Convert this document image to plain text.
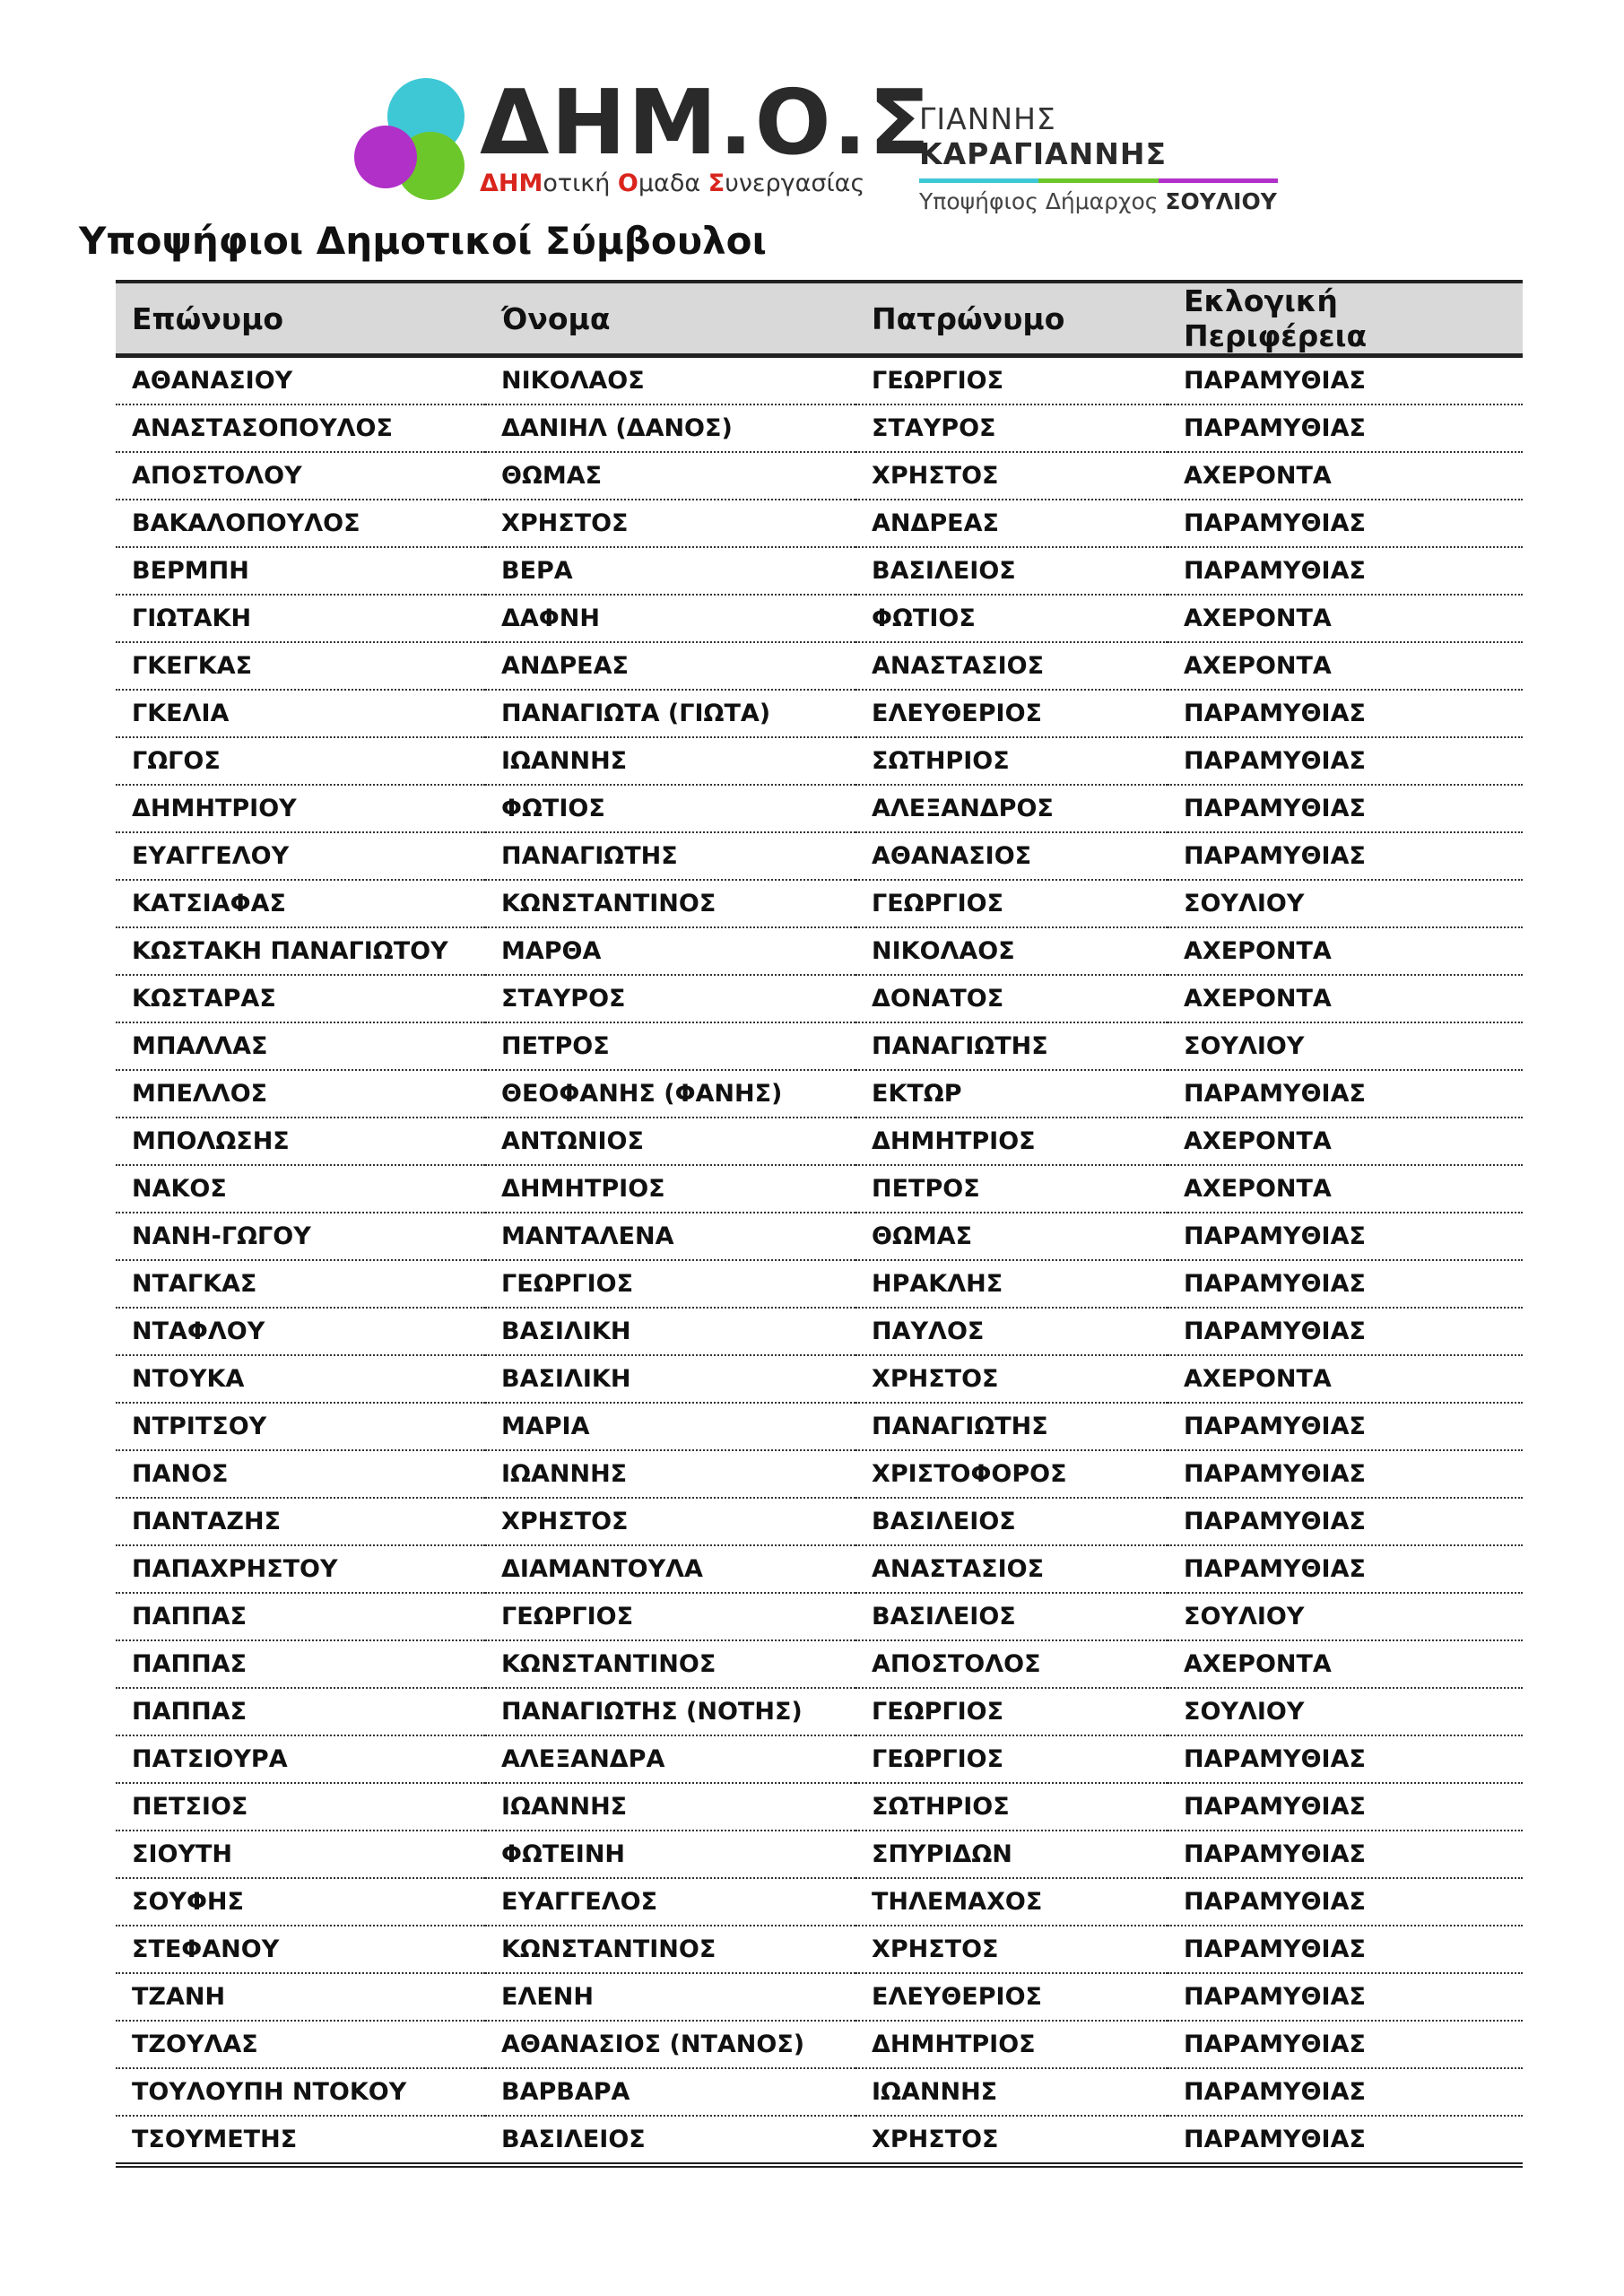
ΔΗΜ.Ο.Σ
ΔΗΜοτική Ομαδα Συνεργασίας
ΓΙΑΝΝΗΣ ΚΑΡΑΓΙΑΝΝΗΣ
Υποψήφιος Δήμαρχος ΣΟΥΛΙΟΥ
Υποψήφιοι Δημοτικοί Σύμβουλοι
Επώνυμο	Όνομα	Πατρώνυμο	Εκλογική Περιφέρεια
ΑΘΑΝΑΣΙΟΥ	ΝΙΚΟΛΑΟΣ	ΓΕΩΡΓΙΟΣ	ΠΑΡΑΜΥΘΙΑΣ
ΑΝΑΣΤΑΣΟΠΟΥΛΟΣ	ΔΑΝΙΗΛ (ΔΑΝΟΣ)	ΣΤΑΥΡΟΣ	ΠΑΡΑΜΥΘΙΑΣ
ΑΠΟΣΤΟΛΟΥ	ΘΩΜΑΣ	ΧΡΗΣΤΟΣ	ΑΧΕΡΟΝΤΑ
ΒΑΚΑΛΟΠΟΥΛΟΣ	ΧΡΗΣΤΟΣ	ΑΝΔΡΕΑΣ	ΠΑΡΑΜΥΘΙΑΣ
ΒΕΡΜΠΗ	ΒΕΡΑ	ΒΑΣΙΛΕΙΟΣ	ΠΑΡΑΜΥΘΙΑΣ
ΓΙΩΤΑΚΗ	ΔΑΦΝΗ	ΦΩΤΙΟΣ	ΑΧΕΡΟΝΤΑ
ΓΚΕΓΚΑΣ	ΑΝΔΡΕΑΣ	ΑΝΑΣΤΑΣΙΟΣ	ΑΧΕΡΟΝΤΑ
ΓΚΕΛΙΑ	ΠΑΝΑΓΙΩΤΑ (ΓΙΩΤΑ)	ΕΛΕΥΘΕΡΙΟΣ	ΠΑΡΑΜΥΘΙΑΣ
ΓΩΓΟΣ	ΙΩΑΝΝΗΣ	ΣΩΤΗΡΙΟΣ	ΠΑΡΑΜΥΘΙΑΣ
ΔΗΜΗΤΡΙΟΥ	ΦΩΤΙΟΣ	ΑΛΕΞΑΝΔΡΟΣ	ΠΑΡΑΜΥΘΙΑΣ
ΕΥΑΓΓΕΛΟΥ	ΠΑΝΑΓΙΩΤΗΣ	ΑΘΑΝΑΣΙΟΣ	ΠΑΡΑΜΥΘΙΑΣ
ΚΑΤΣΙΑΦΑΣ	ΚΩΝΣΤΑΝΤΙΝΟΣ	ΓΕΩΡΓΙΟΣ	ΣΟΥΛΙΟΥ
ΚΩΣΤΑΚΗ ΠΑΝΑΓΙΩΤΟΥ	ΜΑΡΘΑ	ΝΙΚΟΛΑΟΣ	ΑΧΕΡΟΝΤΑ
ΚΩΣΤΑΡΑΣ	ΣΤΑΥΡΟΣ	ΔΟΝΑΤΟΣ	ΑΧΕΡΟΝΤΑ
ΜΠΑΛΛΑΣ	ΠΕΤΡΟΣ	ΠΑΝΑΓΙΩΤΗΣ	ΣΟΥΛΙΟΥ
ΜΠΕΛΛΟΣ	ΘΕΟΦΑΝΗΣ (ΦΑΝΗΣ)	ΕΚΤΩΡ	ΠΑΡΑΜΥΘΙΑΣ
ΜΠΟΛΩΣΗΣ	ΑΝΤΩΝΙΟΣ	ΔΗΜΗΤΡΙΟΣ	ΑΧΕΡΟΝΤΑ
ΝΑΚΟΣ	ΔΗΜΗΤΡΙΟΣ	ΠΕΤΡΟΣ	ΑΧΕΡΟΝΤΑ
ΝΑΝΗ-ΓΩΓΟΥ	ΜΑΝΤΑΛΕΝΑ	ΘΩΜΑΣ	ΠΑΡΑΜΥΘΙΑΣ
ΝΤΑΓΚΑΣ	ΓΕΩΡΓΙΟΣ	ΗΡΑΚΛΗΣ	ΠΑΡΑΜΥΘΙΑΣ
ΝΤΑΦΛΟΥ	ΒΑΣΙΛΙΚΗ	ΠΑΥΛΟΣ	ΠΑΡΑΜΥΘΙΑΣ
ΝΤΟΥΚΑ	ΒΑΣΙΛΙΚΗ	ΧΡΗΣΤΟΣ	ΑΧΕΡΟΝΤΑ
ΝΤΡΙΤΣΟΥ	ΜΑΡΙΑ	ΠΑΝΑΓΙΩΤΗΣ	ΠΑΡΑΜΥΘΙΑΣ
ΠΑΝΟΣ	ΙΩΑΝΝΗΣ	ΧΡΙΣΤΟΦΟΡΟΣ	ΠΑΡΑΜΥΘΙΑΣ
ΠΑΝΤΑΖΗΣ	ΧΡΗΣΤΟΣ	ΒΑΣΙΛΕΙΟΣ	ΠΑΡΑΜΥΘΙΑΣ
ΠΑΠΑΧΡΗΣΤΟΥ	ΔΙΑΜΑΝΤΟΥΛΑ	ΑΝΑΣΤΑΣΙΟΣ	ΠΑΡΑΜΥΘΙΑΣ
ΠΑΠΠΑΣ	ΓΕΩΡΓΙΟΣ	ΒΑΣΙΛΕΙΟΣ	ΣΟΥΛΙΟΥ
ΠΑΠΠΑΣ	ΚΩΝΣΤΑΝΤΙΝΟΣ	ΑΠΟΣΤΟΛΟΣ	ΑΧΕΡΟΝΤΑ
ΠΑΠΠΑΣ	ΠΑΝΑΓΙΩΤΗΣ (ΝΟΤΗΣ)	ΓΕΩΡΓΙΟΣ	ΣΟΥΛΙΟΥ
ΠΑΤΣΙΟΥΡΑ	ΑΛΕΞΑΝΔΡΑ	ΓΕΩΡΓΙΟΣ	ΠΑΡΑΜΥΘΙΑΣ
ΠΕΤΣΙΟΣ	ΙΩΑΝΝΗΣ	ΣΩΤΗΡΙΟΣ	ΠΑΡΑΜΥΘΙΑΣ
ΣΙΟΥΤΗ	ΦΩΤΕΙΝΗ	ΣΠΥΡΙΔΩΝ	ΠΑΡΑΜΥΘΙΑΣ
ΣΟΥΦΗΣ	ΕΥΑΓΓΕΛΟΣ	ΤΗΛΕΜΑΧΟΣ	ΠΑΡΑΜΥΘΙΑΣ
ΣΤΕΦΑΝΟΥ	ΚΩΝΣΤΑΝΤΙΝΟΣ	ΧΡΗΣΤΟΣ	ΠΑΡΑΜΥΘΙΑΣ
ΤΖΑΝΗ	ΕΛΕΝΗ	ΕΛΕΥΘΕΡΙΟΣ	ΠΑΡΑΜΥΘΙΑΣ
ΤΖΟΥΛΑΣ	ΑΘΑΝΑΣΙΟΣ (ΝΤΑΝΟΣ)	ΔΗΜΗΤΡΙΟΣ	ΠΑΡΑΜΥΘΙΑΣ
ΤΟΥΛΟΥΠΗ ΝΤΟΚΟΥ	ΒΑΡΒΑΡΑ	ΙΩΑΝΝΗΣ	ΠΑΡΑΜΥΘΙΑΣ
ΤΣΟΥΜΕΤΗΣ	ΒΑΣΙΛΕΙΟΣ	ΧΡΗΣΤΟΣ	ΠΑΡΑΜΥΘΙΑΣ
